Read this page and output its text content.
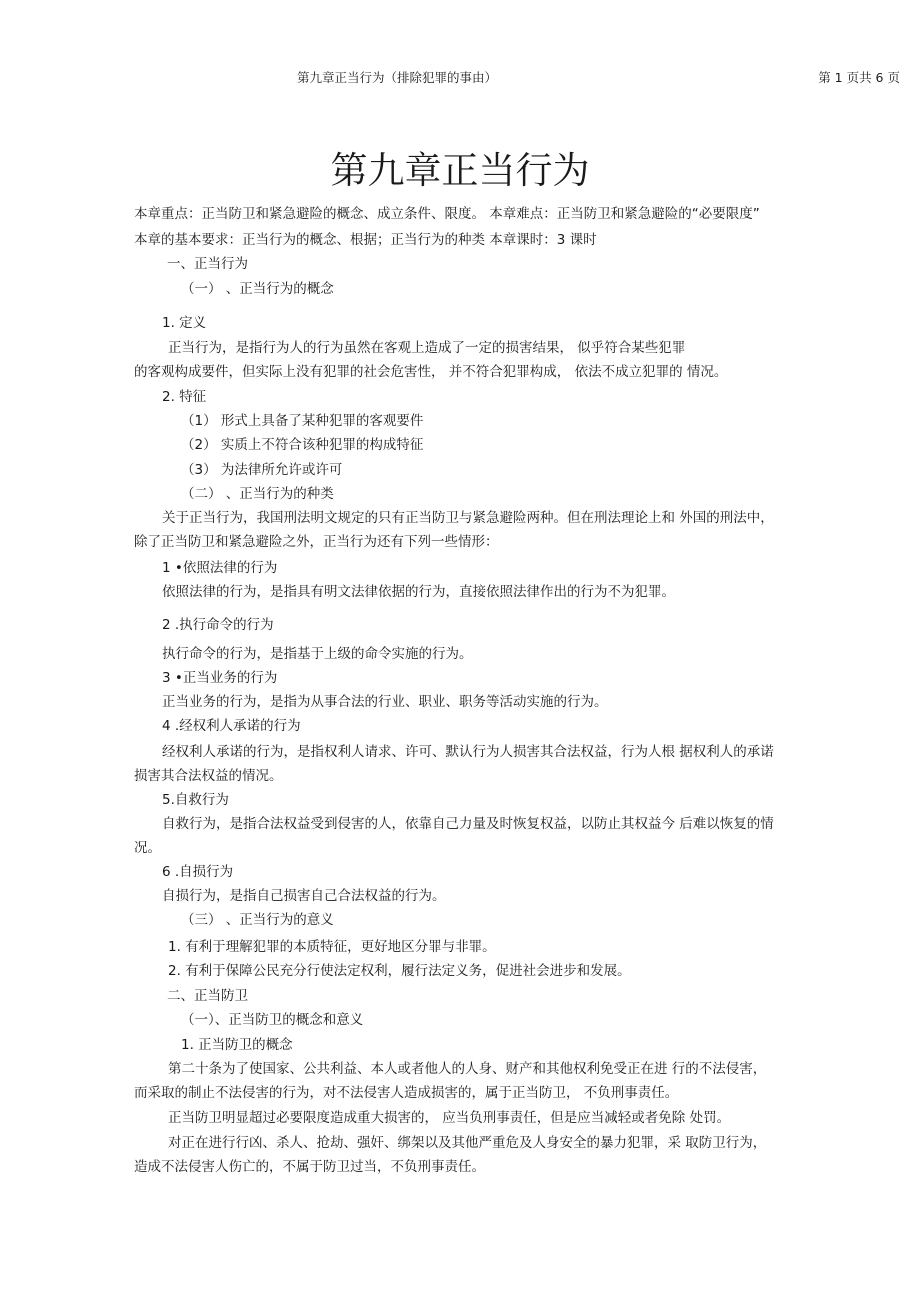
第九章正当行为（排除犯罪的事由）	第 1 页共 6 页
第九章正当行为
本章重点：正当防卫和紧急避险的概念、成立条件、限度。 本章难点：正当防卫和紧急避险的“必要限度”
本章的基本要求：正当行为的概念、根据；正当行为的种类 本章课时：3 课时
一、正当行为
（一） 、正当行为的概念
1. 定义
正当行为，是指行为人的行为虽然在客观上造成了一定的损害结果， 似乎符合某些犯罪
的客观构成要件，但实际上没有犯罪的社会危害性， 并不符合犯罪构成， 依法不成立犯罪的 情况。
2. 特征
（1） 形式上具备了某种犯罪的客观要件
（2） 实质上不符合该种犯罪的构成特征
（3） 为法律所允许或许可
（二） 、正当行为的种类
关于正当行为，我国刑法明文规定的只有正当防卫与紧急避险两种。但在刑法理论上和 外国的刑法中，
除了正当防卫和紧急避险之外，正当行为还有下列一些情形：
1 •依照法律的行为
依照法律的行为，是指具有明文法律依据的行为，直接依照法律作出的行为不为犯罪。
2 .执行命令的行为
执行命令的行为，是指基于上级的命令实施的行为。
3 •正当业务的行为
正当业务的行为，是指为从事合法的行业、职业、职务等活动实施的行为。
4 .经权利人承诺的行为
经权利人承诺的行为，是指权利人请求、许可、默认行为人损害其合法权益，行为人根 据权利人的承诺
损害其合法权益的情况。
5.自救行为
自救行为，是指合法权益受到侵害的人，依靠自己力量及时恢复权益，以防止其权益今 后难以恢复的情
况。
6 .自损行为
自损行为，是指自己损害自己合法权益的行为。
（三） 、正当行为的意义
1. 有利于理解犯罪的本质特征，更好地区分罪与非罪。
2. 有利于保障公民充分行使法定权利，履行法定义务，促进社会进步和发展。
二、正当防卫
（一）、正当防卫的概念和意义
1. 正当防卫的概念
第二十条为了使国家、公共利益、本人或者他人的人身、财产和其他权利免受正在进 行的不法侵害，
而采取的制止不法侵害的行为，对不法侵害人造成损害的，属于正当防卫， 不负刑事责任。
正当防卫明显超过必要限度造成重大损害的， 应当负刑事责任，但是应当减轻或者免除 处罚。
对正在进行行凶、杀人、抢劫、强奸、绑架以及其他严重危及人身安全的暴力犯罪，采 取防卫行为，
造成不法侵害人伤亡的，不属于防卫过当，不负刑事责任。
